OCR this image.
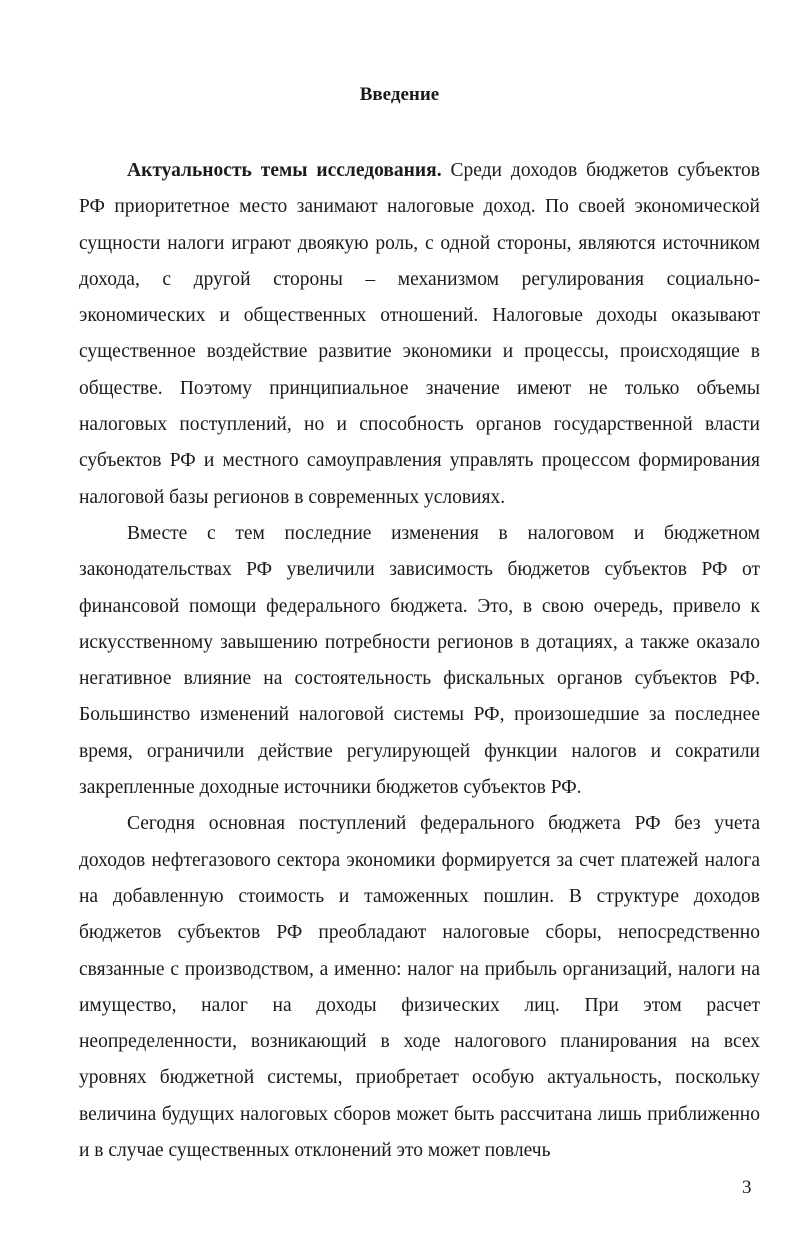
Введение

Актуальность темы исследования. Среди доходов бюджетов субъектов РФ приоритетное место занимают налоговые доход. По своей экономической сущности налоги играют двоякую роль, с одной стороны, являются источником дохода, с другой стороны – механизмом регулирования социально-экономических и общественных отношений. Налоговые доходы оказывают существенное воздействие развитие экономики и процессы, происходящие в обществе. Поэтому принципиальное значение имеют не только объемы налоговых поступлений, но и способность органов государственной власти субъектов РФ и местного самоуправления управлять процессом формирования налоговой базы регионов в современных условиях.

Вместе с тем последние изменения в налоговом и бюджетном законодательствах РФ увеличили зависимость бюджетов субъектов РФ от финансовой помощи федерального бюджета. Это, в свою очередь, привело к искусственному завышению потребности регионов в дотациях, а также оказало негативное влияние на состоятельность фискальных органов субъектов РФ. Большинство изменений налоговой системы РФ, произошедшие за последнее время, ограничили действие регулирующей функции налогов и сократили закрепленные доходные источники бюджетов субъектов РФ.

Сегодня основная поступлений федерального бюджета РФ без учета доходов нефтегазового сектора экономики формируется за счет платежей налога на добавленную стоимость и таможенных пошлин. В структуре доходов бюджетов субъектов РФ преобладают налоговые сборы, непосредственно связанные с производством, а именно: налог на прибыль организаций, налоги на имущество, налог на доходы физических лиц. При этом расчет неопределенности, возникающий в ходе налогового планирования на всех уровнях бюджетной системы, приобретает особую актуальность, поскольку величина будущих налоговых сборов может быть рассчитана лишь приближенно и в случае существенных отклонений это может повлечь

3
